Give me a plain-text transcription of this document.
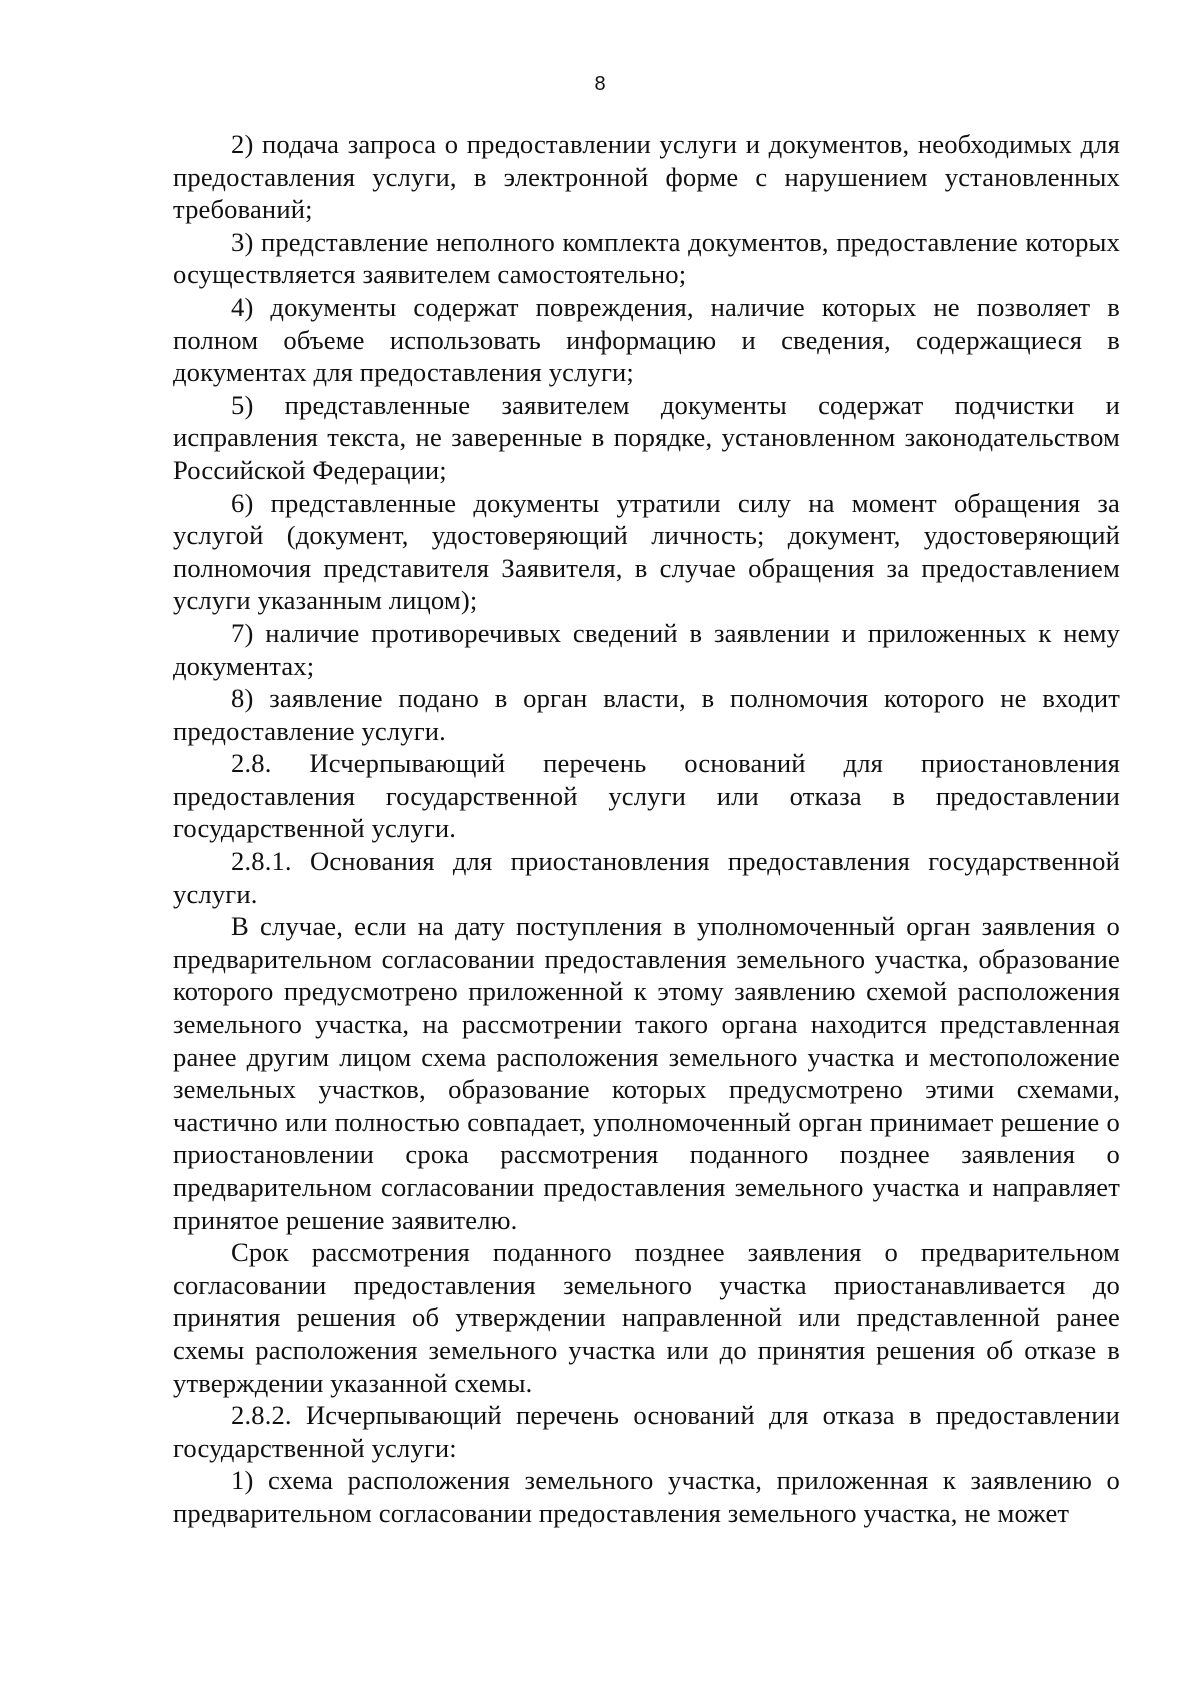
8

2) подача запроса о предоставлении услуги и документов, необходимых для предоставления услуги, в электронной форме с нарушением установленных требований;

3) представление неполного комплекта документов, предоставление которых осуществляется заявителем самостоятельно;

4) документы содержат повреждения, наличие которых не позволяет в полном объеме использовать информацию и сведения, содержащиеся в документах для предоставления услуги;

5) представленные заявителем документы содержат подчистки и исправления текста, не заверенные в порядке, установленном законодательством Российской Федерации;

6) представленные документы утратили силу на момент обращения за услугой (документ, удостоверяющий личность; документ, удостоверяющий полномочия представителя Заявителя, в случае обращения за предоставлением услуги указанным лицом);

7) наличие противоречивых сведений в заявлении и приложенных к нему документах;

8) заявление подано в орган власти, в полномочия которого не входит предоставление услуги.

2.8. Исчерпывающий перечень оснований для приостановления предоставления государственной услуги или отказа в предоставлении государственной услуги.

2.8.1. Основания для приостановления предоставления государственной услуги.

В случае, если на дату поступления в уполномоченный орган заявления о предварительном согласовании предоставления земельного участка, образование которого предусмотрено приложенной к этому заявлению схемой расположения земельного участка, на рассмотрении такого органа находится представленная ранее другим лицом схема расположения земельного участка и местоположение земельных участков, образование которых предусмотрено этими схемами, частично или полностью совпадает, уполномоченный орган принимает решение о приостановлении срока рассмотрения поданного позднее заявления о предварительном согласовании предоставления земельного участка и направляет принятое решение заявителю.

Срок рассмотрения поданного позднее заявления о предварительном согласовании предоставления земельного участка приостанавливается до принятия решения об утверждении направленной или представленной ранее схемы расположения земельного участка или до принятия решения об отказе в утверждении указанной схемы.

2.8.2. Исчерпывающий перечень оснований для отказа в предоставлении государственной услуги:

1) схема расположения земельного участка, приложенная к заявлению о предварительном согласовании предоставления земельного участка, не может
